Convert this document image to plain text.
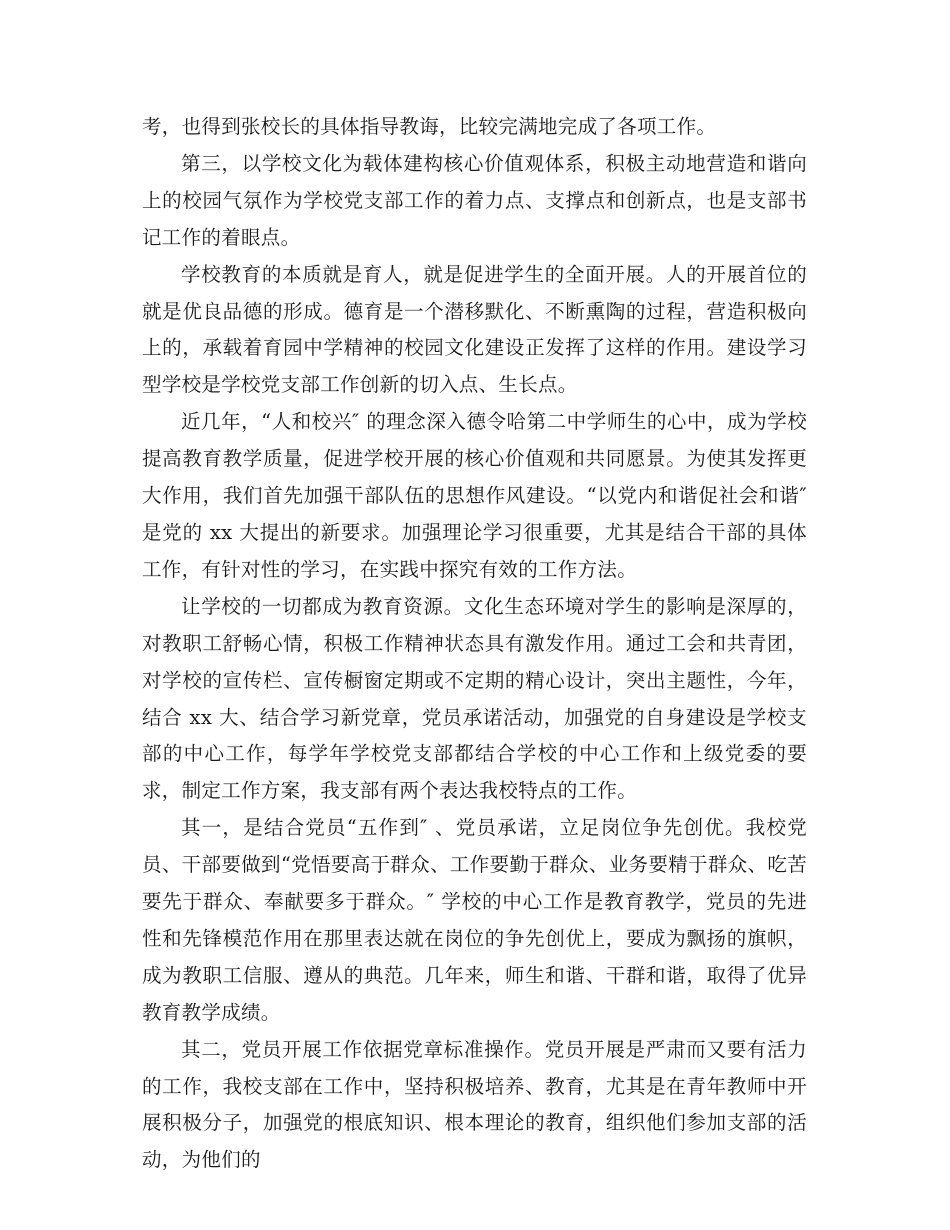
考，也得到张校长的具体指导教诲，比较完满地完成了各项工作。

第三，以学校文化为载体建构核心价值观体系，积极主动地营造和谐向上的校园气氛作为学校党支部工作的着力点、支撑点和创新点，也是支部书记工作的着眼点。

学校教育的本质就是育人，就是促进学生的全面开展。人的开展首位的就是优良品德的形成。德育是一个潜移默化、不断熏陶的过程，营造积极向上的，承载着育园中学精神的校园文化建设正发挥了这样的作用。建设学习型学校是学校党支部工作创新的切入点、生长点。

近几年，“人和校兴″ 的理念深入德令哈第二中学师生的心中，成为学校提高教育教学质量，促进学校开展的核心价值观和共同愿景。为使其发挥更大作用，我们首先加强干部队伍的思想作风建设。“以党内和谐促社会和谐″ 是党的 xx 大提出的新要求。加强理论学习很重要，尤其是结合干部的具体工作，有针对性的学习，在实践中探究有效的工作方法。

让学校的一切都成为教育资源。文化生态环境对学生的影响是深厚的，对教职工舒畅心情，积极工作精神状态具有激发作用。通过工会和共青团，对学校的宣传栏、宣传橱窗定期或不定期的精心设计，突出主题性，今年，结合 xx 大、结合学习新党章，党员承诺活动，加强党的自身建设是学校支部的中心工作，每学年学校党支部都结合学校的中心工作和上级党委的要求，制定工作方案，我支部有两个表达我校特点的工作。

其一，是结合党员“五作到″ 、党员承诺，立足岗位争先创优。我校党员、干部要做到“党悟要高于群众、工作要勤于群众、业务要精于群众、吃苦要先于群众、奉献要多于群众。″ 学校的中心工作是教育教学，党员的先进性和先锋模范作用在那里表达就在岗位的争先创优上，要成为飘扬的旗帜，成为教职工信服、遵从的典范。几年来，师生和谐、干群和谐，取得了优异教育教学成绩。

其二，党员开展工作依据党章标准操作。党员开展是严肃而又要有活力的工作，我校支部在工作中，坚持积极培养、教育，尤其是在青年教师中开展积极分子，加强党的根底知识、根本理论的教育，组织他们参加支部的活动，为他们的
